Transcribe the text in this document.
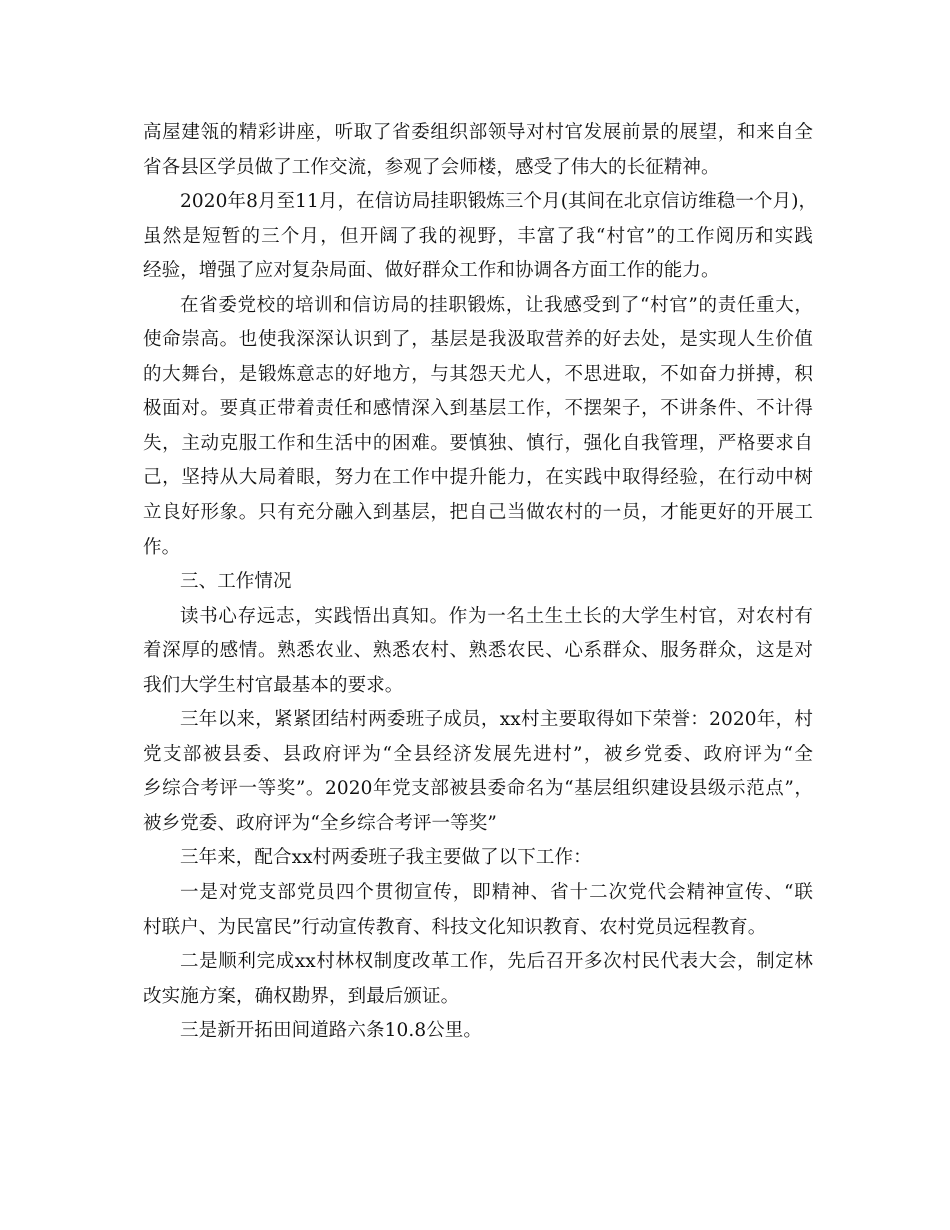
高屋建瓴的精彩讲座，听取了省委组织部领导对村官发展前景的展望，和来自全
省各县区学员做了工作交流，参观了会师楼，感受了伟大的长征精神。
2020年8月至11月，在信访局挂职锻炼三个月(其间在北京信访维稳一个月)，
虽然是短暂的三个月，但开阔了我的视野，丰富了我“村官”的工作阅历和实践
经验，增强了应对复杂局面、做好群众工作和协调各方面工作的能力。
在省委党校的培训和信访局的挂职锻炼，让我感受到了“村官”的责任重大，
使命崇高。也使我深深认识到了，基层是我汲取营养的好去处，是实现人生价值
的大舞台，是锻炼意志的好地方，与其怨天尤人，不思进取，不如奋力拼搏，积
极面对。要真正带着责任和感情深入到基层工作，不摆架子，不讲条件、不计得
失，主动克服工作和生活中的困难。要慎独、慎行，强化自我管理，严格要求自
己，坚持从大局着眼，努力在工作中提升能力，在实践中取得经验，在行动中树
立良好形象。只有充分融入到基层，把自己当做农村的一员，才能更好的开展工
作。
三、工作情况
读书心存远志，实践悟出真知。作为一名土生土长的大学生村官，对农村有
着深厚的感情。熟悉农业、熟悉农村、熟悉农民、心系群众、服务群众，这是对
我们大学生村官最基本的要求。
三年以来，紧紧团结村两委班子成员，xx村主要取得如下荣誉：2020年，村
党支部被县委、县政府评为“全县经济发展先进村”，被乡党委、政府评为“全
乡综合考评一等奖”。2020年党支部被县委命名为“基层组织建设县级示范点”，
被乡党委、政府评为“全乡综合考评一等奖”
三年来，配合xx村两委班子我主要做了以下工作：
一是对党支部党员四个贯彻宣传，即精神、省十二次党代会精神宣传、“联
村联户、为民富民”行动宣传教育、科技文化知识教育、农村党员远程教育。
二是顺利完成xx村林权制度改革工作，先后召开多次村民代表大会，制定林
改实施方案，确权勘界，到最后颁证。
三是新开拓田间道路六条10.8公里。
